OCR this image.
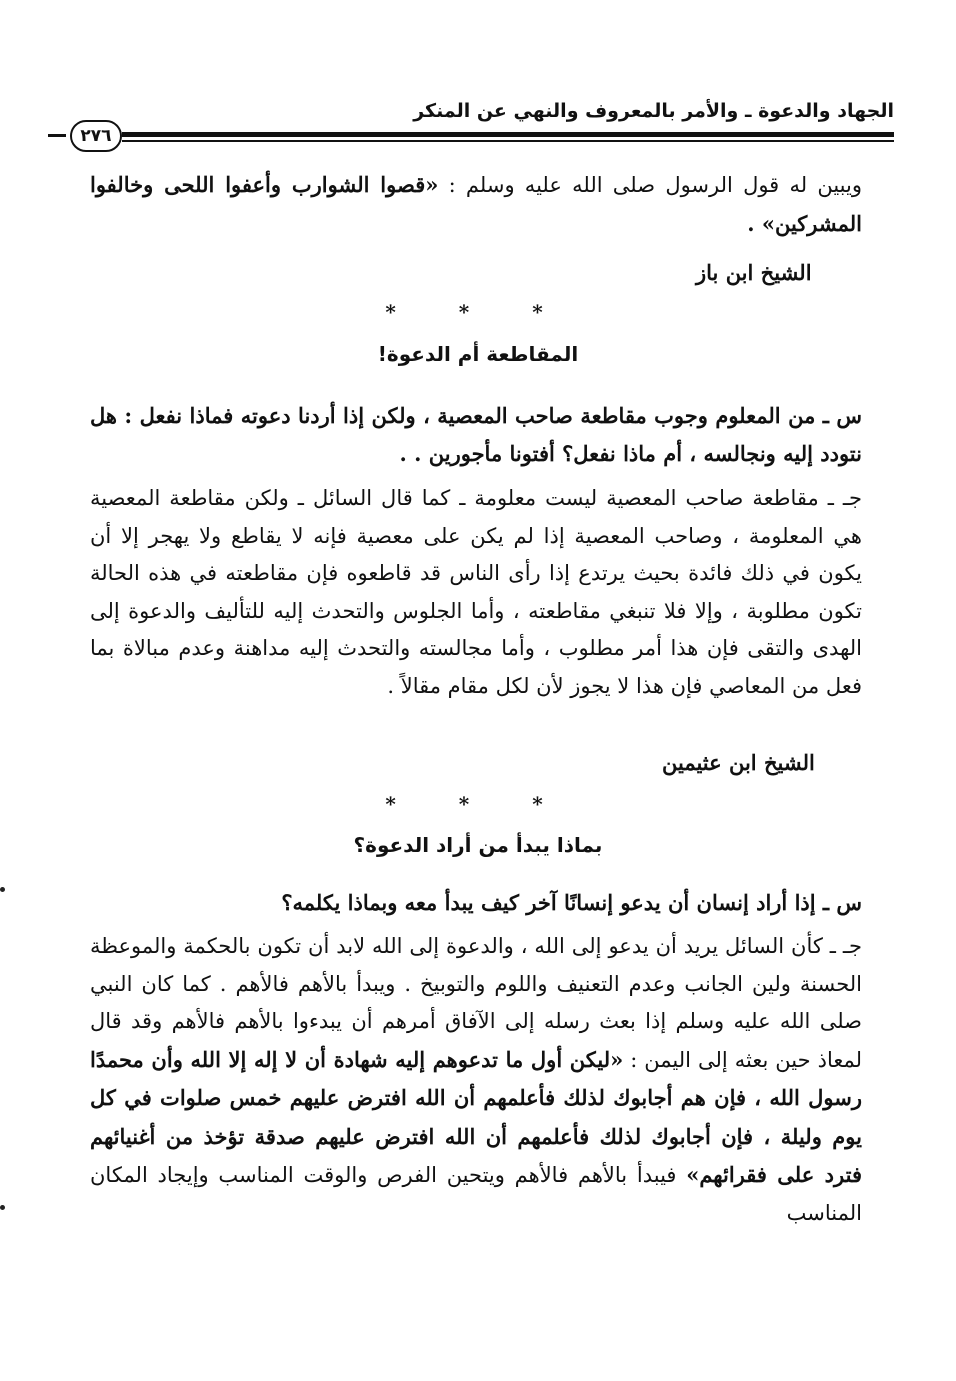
الجهاد والدعوة ـ والأمر بالمعروف والنهي عن المنكر
٢٧٦

ويبين له قول الرسول صلى الله عليه وسلم : «قصوا الشوارب وأعفوا اللحى وخالفوا المشركين» .

الشيخ ابن باز
* * *
المقاطعة أم الدعوة!

س ـ من المعلوم وجوب مقاطعة صاحب المعصية ، ولكن إذا أردنا دعوته فماذا نفعل : هل نتودد إليه ونجالسه ، أم ماذا نفعل؟ أفتونا مأجورين . .

جـ ـ مقاطعة صاحب المعصية ليست معلومة ـ كما قال السائل ـ ولكن مقاطعة المعصية هي المعلومة ، وصاحب المعصية إذا لم يكن على معصية فإنه لا يقاطع ولا يهجر إلا أن يكون في ذلك فائدة بحيث يرتدع إذا رأى الناس قد قاطعوه فإن مقاطعته في هذه الحالة تكون مطلوبة ، وإلا فلا تنبغي مقاطعته ، وأما الجلوس والتحدث إليه للتأليف والدعوة إلى الهدى والتقى فإن هذا أمر مطلوب ، وأما مجالسته والتحدث إليه مداهنة وعدم مبالاة بما فعل من المعاصي فإن هذا لا يجوز لأن لكل مقام مقالاً .

الشيخ ابن عثيمين
* * *
بماذا يبدأ من أراد الدعوة؟

س ـ إذا أراد إنسان أن يدعو إنسانًا آخر كيف يبدأ معه وبماذا يكلمه؟

جـ ـ كأن السائل يريد أن يدعو إلى الله ، والدعوة إلى الله لابد أن تكون بالحكمة والموعظة الحسنة ولين الجانب وعدم التعنيف واللوم والتوبيخ . ويبدأ بالأهم فالأهم . كما كان النبي صلى الله عليه وسلم إذا بعث رسله إلى الآفاق أمرهم أن يبدءوا بالأهم فالأهم وقد قال لمعاذ حين بعثه إلى اليمن : «ليكن أول ما تدعوهم إليه شهادة أن لا إله إلا الله وأن محمدًا رسول الله ، فإن هم أجابوك لذلك فأعلمهم أن الله افترض عليهم خمس صلوات في كل يوم وليلة ، فإن أجابوك لذلك فأعلمهم أن الله افترض عليهم صدقة تؤخذ من أغنيائهم فترد على فقرائهم» فيبدأ بالأهم فالأهم ويتحين الفرص والوقت المناسب وإيجاد المكان المناسب
